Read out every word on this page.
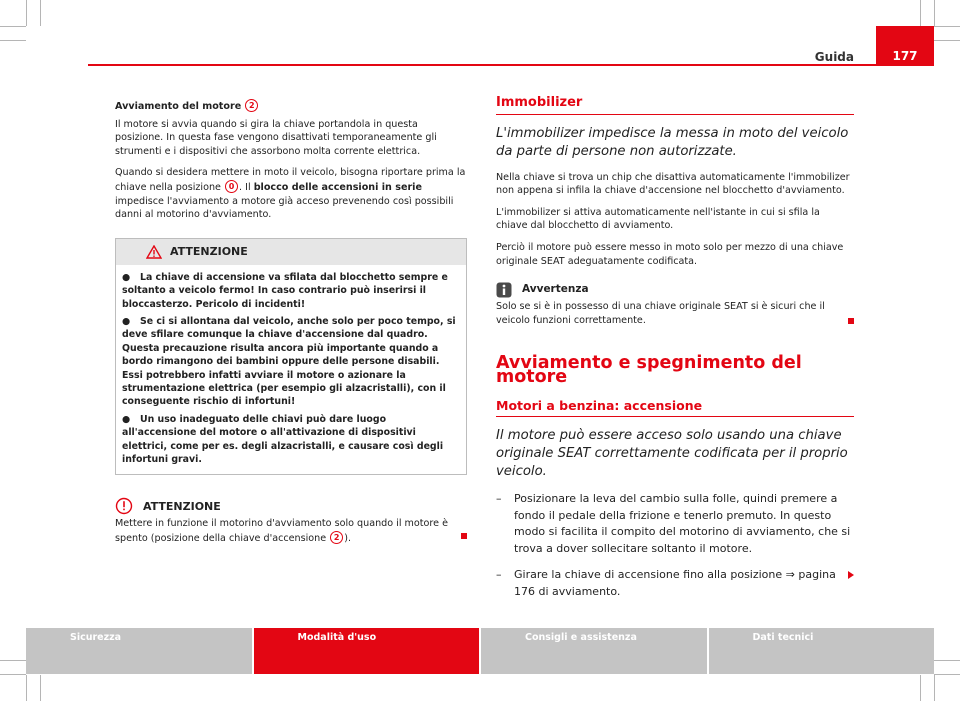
Guida	177

Avviamento del motore 2

Il motore si avvia quando si gira la chiave portandola in questa posizione. In questa fase vengono disattivati temporaneamente gli strumenti e i dispositivi che assorbono molta corrente elettrica.

Quando si desidera mettere in moto il veicolo, bisogna riportare prima la chiave nella posizione 0 . Il blocco delle accensioni in serie impedisce l'avviamento a motore già acceso prevenendo così possibili danni al motorino d'avviamento.

ATTENZIONE
●   La chiave di accensione va sfilata dal blocchetto sempre e soltanto a veicolo fermo! In caso contrario può inserirsi il bloccasterzo. Pericolo di incidenti!
●   Se ci si allontana dal veicolo, anche solo per poco tempo, si deve sfilare comunque la chiave d'accensione dal quadro. Questa precauzione risulta ancora più importante quando a bordo rimangono dei bambini oppure delle persone disabili. Essi potrebbero infatti avviare il motore o azionare la strumentazione elettrica (per esempio gli alzacristalli), con il conseguente rischio di infortuni!
●   Un uso inadeguato delle chiavi può dare luogo all'accensione del motore o all'attivazione di dispositivi elettrici, come per es. degli alzacristalli, e causare così degli infortuni gravi.
ATTENZIONE
Mettere in funzione il motorino d'avviamento solo quando il motore è spento (posizione della chiave d'accensione 2 ).
Immobilizer

L'immobilizer impedisce la messa in moto del veicolo da parte di persone non autorizzate.

Nella chiave si trova un chip che disattiva automaticamente l'immobilizer non appena si infila la chiave d'accensione nel blocchetto d'avviamento.

L'immobilizer si attiva automaticamente nell'istante in cui si sfila la chiave dal blocchetto di avviamento.

Perciò il motore può essere messo in moto solo per mezzo di una chiave originale SEAT adeguatamente codificata.

Avvertenza
Solo se si è in possesso di una chiave originale SEAT si è sicuri che il veicolo funzioni correttamente.
Avviamento e spegnimento del motore
Motori a benzina: accensione

Il motore può essere acceso solo usando una chiave originale SEAT correttamente codificata per il proprio veicolo.

–	Posizionare la leva del cambio sulla folle, quindi premere a fondo il pedale della frizione e tenerlo premuto. In questo modo si facilita il compito del motorino di avviamento, che si trova a dover sollecitare soltanto il motore.
–	Girare la chiave di accensione fino alla posizione ⇒ pagina 176 di avviamento.
Sicurezza	Modalità d'uso	Consigli e assistenza	Dati tecnici
